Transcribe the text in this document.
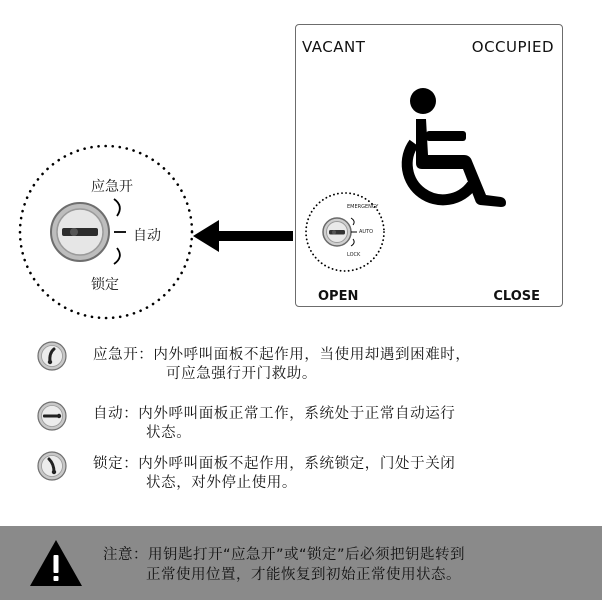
VACANT	OCCUPIED
EMERGENCY
AUTO
LOCK
OPEN	CLOSE
应急开
自动
锁定
应急开：内外呼叫面板不起作用，当使用却遇到困难时，
可应急强行开门救助。
自动：内外呼叫面板正常工作，系统处于正常自动运行
状态。
锁定：内外呼叫面板不起作用，系统锁定，门处于关闭
状态，对外停止使用。
注意：用钥匙打开“应急开”或“锁定”后必须把钥匙转到
正常使用位置，才能恢复到初始正常使用状态。
